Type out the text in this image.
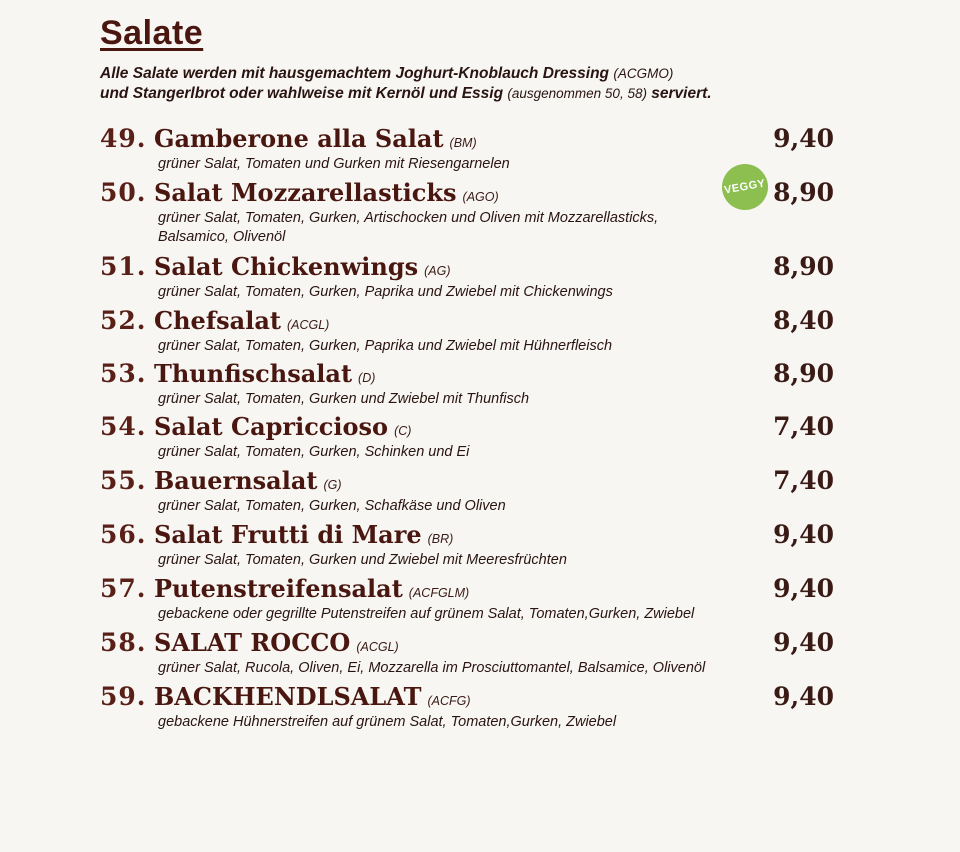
Salate
Alle Salate werden mit hausgemachtem Joghurt-Knoblauch Dressing (ACGMO)
und Stangerlbrot oder wahlweise mit Kernöl und Essig (ausgenommen 50, 58) serviert.
VEGGY
49. Gamberone alla Salat (BM)	9,40
grüner Salat, Tomaten und Gurken mit Riesengarnelen
50. Salat Mozzarellasticks (AGO)	8,90
grüner Salat, Tomaten, Gurken, Artischocken und Oliven mit Mozzarellasticks, Balsamico, Olivenöl
51. Salat Chickenwings (AG)	8,90
grüner Salat, Tomaten, Gurken, Paprika und Zwiebel mit Chickenwings
52. Chefsalat (ACGL)	8,40
grüner Salat, Tomaten, Gurken, Paprika und Zwiebel mit Hühnerfleisch
53. Thunfischsalat (D)	8,90
grüner Salat, Tomaten, Gurken und Zwiebel mit Thunfisch
54. Salat Capriccioso (C)	7,40
grüner Salat, Tomaten, Gurken, Schinken und Ei
55. Bauernsalat (G)	7,40
grüner Salat, Tomaten, Gurken, Schafkäse und Oliven
56. Salat Frutti di Mare (BR)	9,40
grüner Salat, Tomaten, Gurken und Zwiebel mit Meeresfrüchten
57. Putenstreifensalat (ACFGLM)	9,40
gebackene oder gegrillte Putenstreifen auf grünem Salat, Tomaten,Gurken, Zwiebel
58. SALAT ROCCO (ACGL)	9,40
grüner Salat, Rucola, Oliven, Ei, Mozzarella im Prosciuttomantel, Balsamice, Olivenöl
59. BACKHENDLSALAT (ACFG)	9,40
gebackene Hühnerstreifen auf grünem Salat, Tomaten,Gurken, Zwiebel
